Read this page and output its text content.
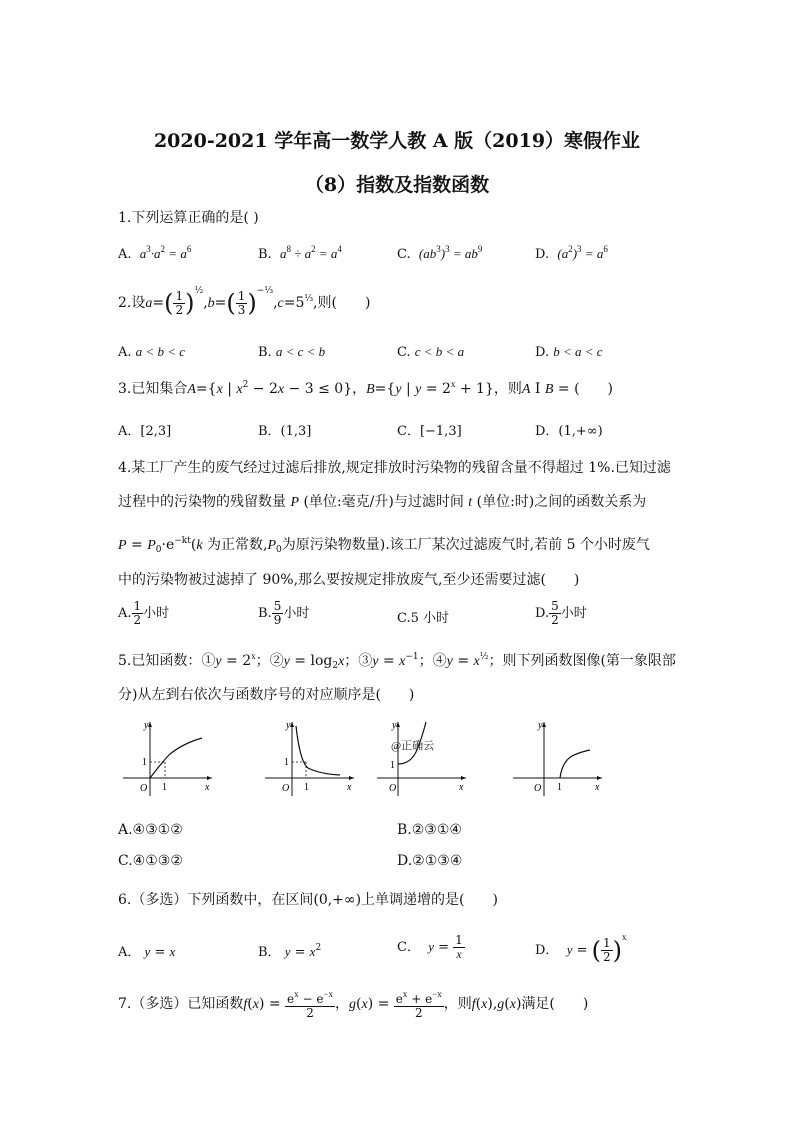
2020-2021 学年高一数学人教 A 版（2019）寒假作业
（8）指数及指数函数
1.下列运算正确的是( )
A. $a^3\cdot a^2 = a^6$	B. $a^8 \div a^2 = a^4$	C. $(ab^3)^3 = ab^9$	D. $(a^2)^3 = a^6$
2.设$a=( \frac{1}{2} )^{\frac{1}{2}},b=( \frac{1}{3} )^{-\frac{1}{3}},c=5^{\frac{1}{3}}$,则(　　)
A. a < b < c	B. a < c < b	C. c < b < a	D. b < a < c
3.已知集合A={x | $x^2 - 2x - 3 \le 0$}，B={y | $y = 2^x + 1$}，则A I B = (　　)
A．[2,3]	B．(1,3]	C．[−1,3]	D．(1,+∞)
4.某工厂产生的废气经过过滤后排放,规定排放时污染物的残留含量不得超过 1%.已知过滤
过程中的污染物的残留数量 P (单位:毫克/升)与过滤时间 t (单位:时)之间的函数关系为
$P = P_0\cdot e^{-kt}(k$ 为正常数$,P_0$为原污染物数量).该工厂某次过滤废气时,若前 5 个小时废气
中的污染物被过滤掉了 90%,那么要按规定排放废气,至少还需要过滤(　　)
A. $\frac{1}{2}$ 小时	B. $\frac{5}{9}$ 小时	C.5 小时	D. $\frac{5}{2}$ 小时
5.已知函数：①y = $2^x$；②y = $\log_2x$；③y = $x^{-1}$；④y = $x^{\frac{1}{2}}$；则下列函数图像(第一象限部
分)从左到右依次与函数序号的对应顺序是(　　)
y
x
O
1
1
y
x
O
1
1
y
x
O
1
@正确云
y
x
O 1
A.④③①②	B.②③①④
C.④①③②	D.②①③④
6.（多选）下列函数中，在区间(0,+∞)上单调递增的是(　　)
A． y = x	B． $y = x^2$	C． $y = \frac{1}{x}$	D． y = ( $\frac{1}{2} )^x$
7.（多选）已知函数$f(x) = \frac{e^x - e^{-x}}{2}$ ，$g(x) = \frac{e^x + e^{-x}}{2}$ ，则f(x),g(x)满足(　　)
